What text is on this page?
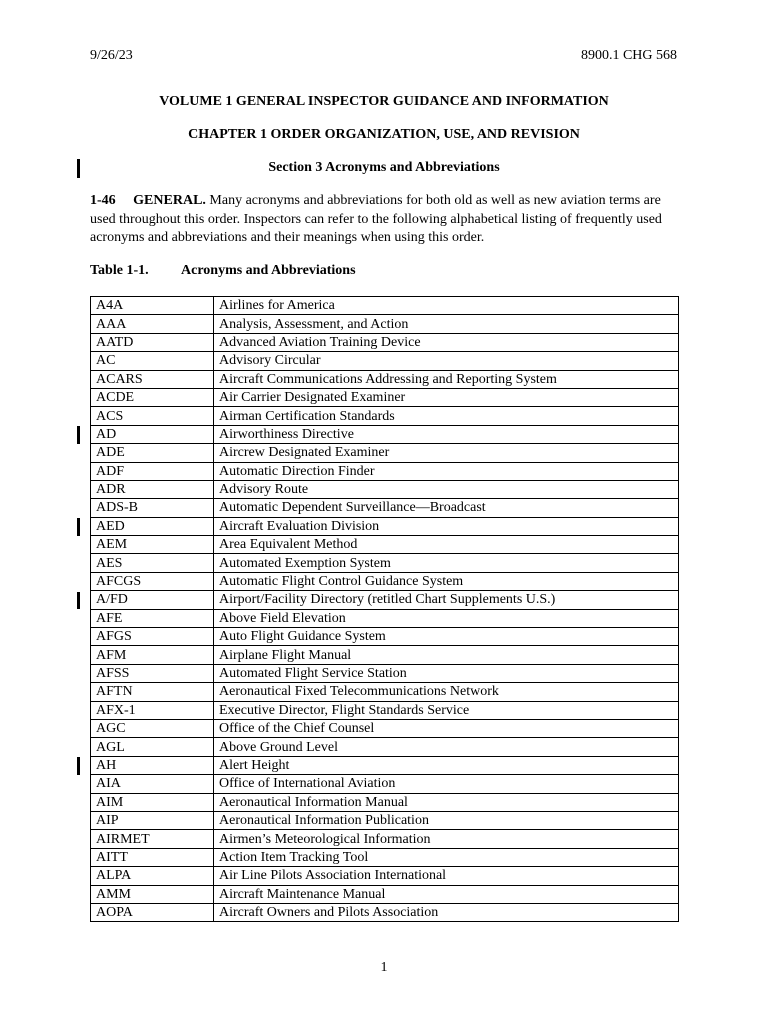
9/26/23	8900.1 CHG 568
VOLUME 1 GENERAL INSPECTOR GUIDANCE AND INFORMATION
CHAPTER 1 ORDER ORGANIZATION, USE, AND REVISION
Section 3 Acronyms and Abbreviations
1-46 GENERAL. Many acronyms and abbreviations for both old as well as new aviation terms are used throughout this order. Inspectors can refer to the following alphabetical listing of frequently used acronyms and abbreviations and their meanings when using this order.
Table 1-1. Acronyms and Abbreviations
A4A	Airlines for America
AAA	Analysis, Assessment, and Action
AATD	Advanced Aviation Training Device
AC	Advisory Circular
ACARS	Aircraft Communications Addressing and Reporting System
ACDE	Air Carrier Designated Examiner
ACS	Airman Certification Standards
AD	Airworthiness Directive
ADE	Aircrew Designated Examiner
ADF	Automatic Direction Finder
ADR	Advisory Route
ADS-B	Automatic Dependent Surveillance—Broadcast
AED	Aircraft Evaluation Division
AEM	Area Equivalent Method
AES	Automated Exemption System
AFCGS	Automatic Flight Control Guidance System
A/FD	Airport/Facility Directory (retitled Chart Supplements U.S.)
AFE	Above Field Elevation
AFGS	Auto Flight Guidance System
AFM	Airplane Flight Manual
AFSS	Automated Flight Service Station
AFTN	Aeronautical Fixed Telecommunications Network
AFX-1	Executive Director, Flight Standards Service
AGC	Office of the Chief Counsel
AGL	Above Ground Level
AH	Alert Height
AIA	Office of International Aviation
AIM	Aeronautical Information Manual
AIP	Aeronautical Information Publication
AIRMET	Airmen’s Meteorological Information
AITT	Action Item Tracking Tool
ALPA	Air Line Pilots Association International
AMM	Aircraft Maintenance Manual
AOPA	Aircraft Owners and Pilots Association
1
